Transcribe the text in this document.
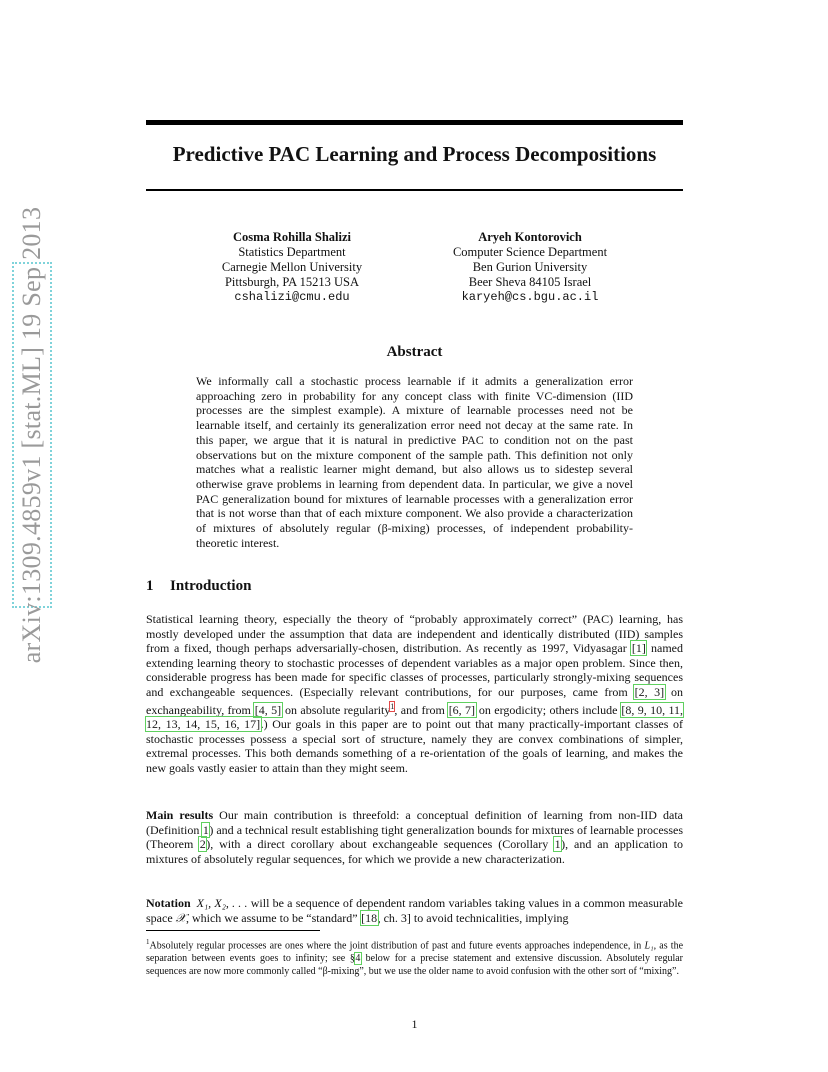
arXiv:1309.4859v1 [stat.ML] 19 Sep 2013
Predictive PAC Learning and Process Decompositions
Cosma Rohilla Shalizi
Statistics Department
Carnegie Mellon University
Pittsburgh, PA 15213 USA
cshalizi@cmu.edu
Aryeh Kontorovich
Computer Science Department
Ben Gurion University
Beer Sheva 84105 Israel
karyeh@cs.bgu.ac.il
Abstract
We informally call a stochastic process learnable if it admits a generalization error approaching zero in probability for any concept class with finite VC-dimension (IID processes are the simplest example). A mixture of learnable processes need not be learnable itself, and certainly its generalization error need not decay at the same rate. In this paper, we argue that it is natural in predictive PAC to condition not on the past observations but on the mixture component of the sample path. This definition not only matches what a realistic learner might demand, but also allows us to sidestep several otherwise grave problems in learning from dependent data. In particular, we give a novel PAC generalization bound for mixtures of learnable processes with a generalization error that is not worse than that of each mixture component. We also provide a characterization of mixtures of absolutely regular (β-mixing) processes, of independent probability-theoretic interest.
1 Introduction

Statistical learning theory, especially the theory of “probably approximately correct” (PAC) learning, has mostly developed under the assumption that data are independent and identically distributed (IID) samples from a fixed, though perhaps adversarially-chosen, distribution. As recently as 1997, Vidyasagar [1] named extending learning theory to stochastic processes of dependent variables as a major open problem. Since then, considerable progress has been made for specific classes of processes, particularly strongly-mixing sequences and exchangeable sequences. (Especially relevant contributions, for our purposes, came from [2, 3] on exchangeability, from [4, 5] on absolute regularity$^1$, and from [6, 7] on ergodicity; others include [8, 9, 10, 11, 12, 13, 14, 15, 16, 17].) Our goals in this paper are to point out that many practically-important classes of stochastic processes possess a special sort of structure, namely they are convex combinations of simpler, extremal processes. This both demands something of a re-orientation of the goals of learning, and makes the new goals vastly easier to attain than they might seem.

Main results Our main contribution is threefold: a conceptual definition of learning from non-IID data (Definition 1) and a technical result establishing tight generalization bounds for mixtures of learnable processes (Theorem 2), with a direct corollary about exchangeable sequences (Corollary 1), and an application to mixtures of absolutely regular sequences, for which we provide a new characterization.

Notation X₁, X₂, . . . will be a sequence of dependent random variables taking values in a common measurable space 𝒳, which we assume to be “standard” [18, ch. 3] to avoid technicalities, implying

$^1$Absolutely regular processes are ones where the joint distribution of past and future events approaches independence, in L₁, as the separation between events goes to infinity; see §4 below for a precise statement and extensive discussion. Absolutely regular sequences are now more commonly called “β-mixing”, but we use the older name to avoid confusion with the other sort of “mixing”.
1
